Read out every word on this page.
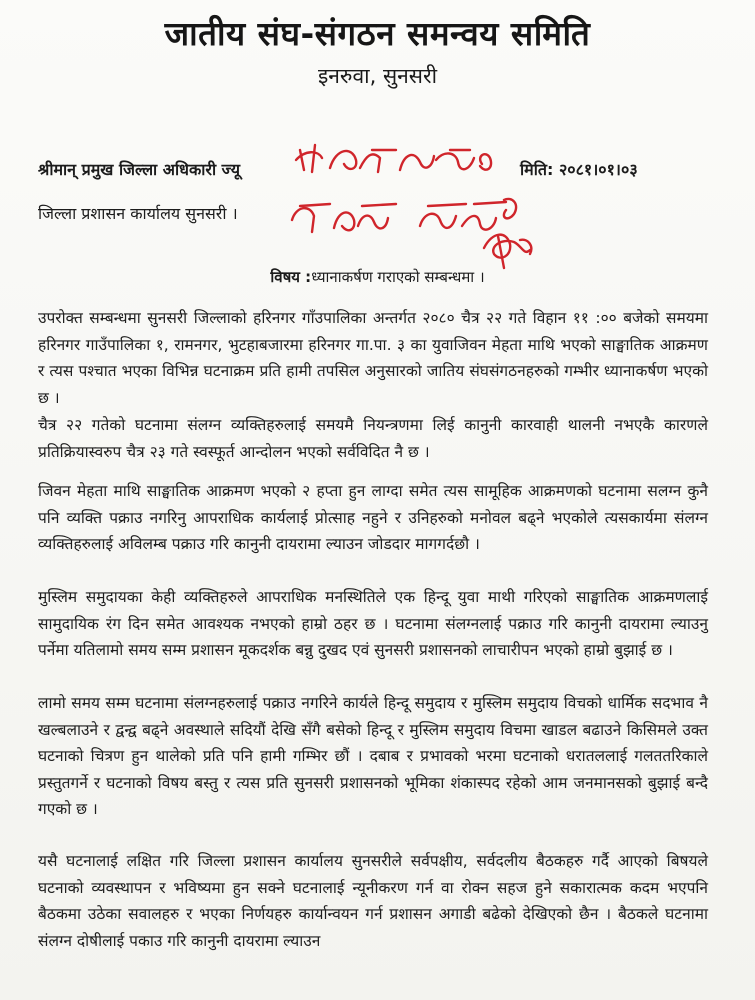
जातीय संघ-संगठन समन्वय समिति
इनरुवा, सुनसरी
श्रीमान् प्रमुख जिल्ला अधिकारी ज्यू
जिल्ला प्रशासन कार्यालय सुनसरी ।
मिति: २०८१।०१।०३
विषय :ध्यानाकर्षण गराएको सम्बन्धमा ।
उपरोक्त सम्बन्धमा सुनसरी जिल्लाको हरिनगर गाँउपालिका अन्तर्गत २०८० चैत्र २२ गते विहान ११ :०० बजेको समयमा हरिनगर गाउँपालिका १, रामनगर, भुटहाबजारमा हरिनगर गा.पा. ३ का युवाजिवन मेहता माथि भएको साङ्घातिक आक्रमण र त्यस पश्चात भएका विभिन्न घटनाक्रम प्रति हामी तपसिल अनुसारको जातिय संघसंगठनहरुको गम्भीर ध्यानाकर्षण भएको छ ।
चैत्र २२ गतेको घटनामा संलग्न व्यक्तिहरुलाई समयमै नियन्त्रणमा लिई कानुनी कारवाही थालनी नभएकै कारणले प्रतिक्रियास्वरुप चैत्र २३ गते स्वस्फूर्त आन्दोलन भएको सर्वविदित नै छ ।
जिवन मेहता माथि साङ्घातिक आक्रमण भएको २ हप्ता हुन लाग्दा समेत त्यस सामूहिक आक्रमणको घटनामा सलग्न कुनै पनि व्यक्ति पक्राउ नगरिनु आपराधिक कार्यलाई प्रोत्साह नहुने र उनिहरुको मनोवल बढ्ने भएकोले त्यसकार्यमा संलग्न व्यक्तिहरुलाई अविलम्ब पक्राउ गरि कानुनी दायरामा ल्याउन जोडदार मागगर्दछौ ।
मुस्लिम समुदायका केही व्यक्तिहरुले आपराधिक मनस्थितिले एक हिन्दू युवा माथी गरिएको साङ्घातिक आक्रमणलाई सामुदायिक रंग दिन समेत आवश्यक नभएको हाम्रो ठहर छ । घटनामा संलग्नलाई पक्राउ गरि कानुनी दायरामा ल्याउनु पर्नेमा यतिलामो समय सम्म प्रशासन मूकदर्शक बन्नु दुखद एवं सुनसरी प्रशासनको लाचारीपन भएको हाम्रो बुझाई छ ।
लामो समय सम्म घटनामा संलग्नहरुलाई पक्राउ नगरिने कार्यले हिन्दू समुदाय र मुस्लिम समुदाय विचको धार्मिक सदभाव नै खल्बलाउने र द्वन्द्व बढ्ने अवस्थाले सदियौं देखि सँगै बसेको हिन्दू र मुस्लिम समुदाय विचमा खाडल बढाउने किसिमले उक्त घटनाको चित्रण हुन थालेको प्रति पनि हामी गम्भिर छौं । दबाब र प्रभावको भरमा घटनाको धरातललाई गलततरिकाले प्रस्तुतगर्ने र घटनाको विषय बस्तु र त्यस प्रति सुनसरी प्रशासनको भूमिका शंकास्पद रहेको आम जनमानसको बुझाई बन्दै गएको छ ।
यसै घटनालाई लक्षित गरि जिल्ला प्रशासन कार्यालय सुनसरीले सर्वपक्षीय, सर्वदलीय बैठकहरु गर्दै आएको बिषयले घटनाको व्यवस्थापन र भविष्यमा हुन सक्ने घटनालाई न्यूनीकरण गर्न वा रोक्न सहज हुने सकारात्मक कदम भएपनि बैठकमा उठेका सवालहरु र भएका निर्णयहरु कार्यान्वयन गर्न प्रशासन अगाडी बढेको देखिएको छैन । बैठकले घटनामा संलग्न दोषीलाई पकाउ गरि कानुनी दायरामा ल्याउन
